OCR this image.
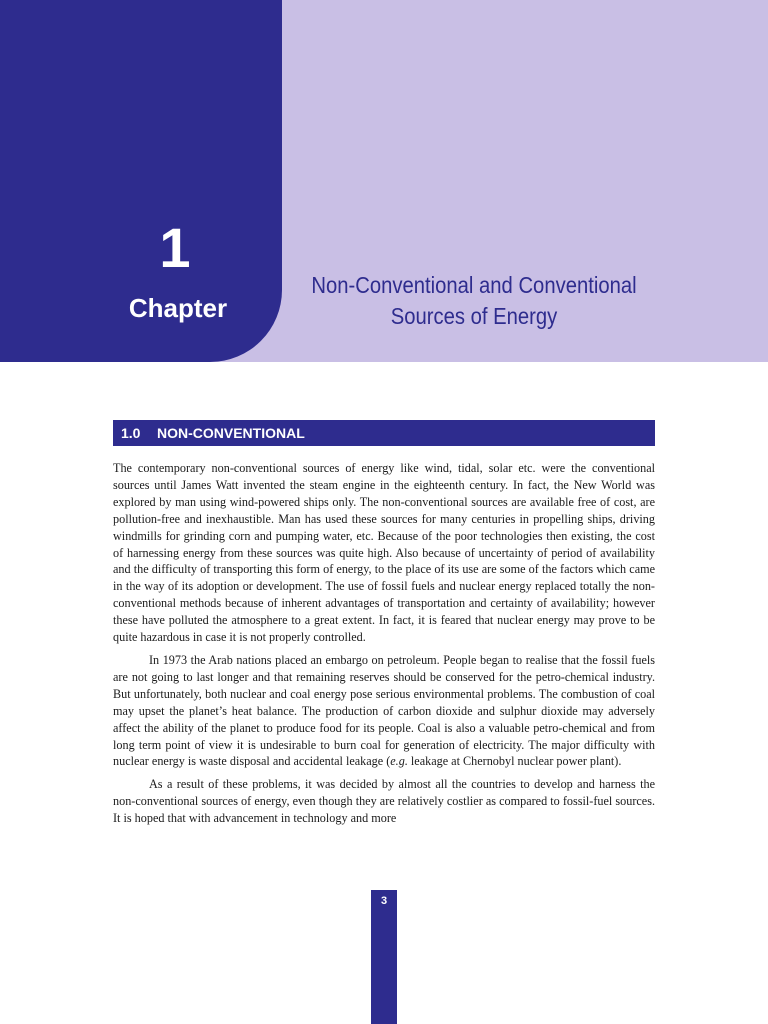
1
Chapter
Non-Conventional and Conventional
Sources of Energy
1.0 NON-CONVENTIONAL

The contemporary non-conventional sources of energy like wind, tidal, solar etc. were the conventional sources until James Watt invented the steam engine in the eighteenth century. In fact, the New World was explored by man using wind-powered ships only. The non-conventional sources are available free of cost, are pollution-free and inexhaustible. Man has used these sources for many centuries in propelling ships, driving windmills for grinding corn and pumping water, etc. Because of the poor technologies then existing, the cost of harnessing energy from these sources was quite high. Also because of uncertainty of period of availability and the difficulty of transporting this form of energy, to the place of its use are some of the factors which came in the way of its adoption or development. The use of fossil fuels and nuclear energy replaced totally the non-conventional methods because of inherent advantages of transportation and certainty of availability; however these have polluted the atmosphere to a great extent. In fact, it is feared that nuclear energy may prove to be quite hazardous in case it is not properly controlled.

In 1973 the Arab nations placed an embargo on petroleum. People began to realise that the fossil fuels are not going to last longer and that remaining reserves should be conserved for the petro-chemical industry. But unfortunately, both nuclear and coal energy pose serious environmental problems. The combustion of coal may upset the planet’s heat balance. The production of carbon dioxide and sulphur dioxide may adversely affect the ability of the planet to produce food for its people. Coal is also a valuable petro-chemical and from long term point of view it is undesirable to burn coal for generation of electricity. The major difficulty with nuclear energy is waste disposal and accidental leakage (e.g. leakage at Chernobyl nuclear power plant).

As a result of these problems, it was decided by almost all the countries to develop and harness the non-conventional sources of energy, even though they are relatively costlier as compared to fossil-fuel sources. It is hoped that with advancement in technology and more

3
